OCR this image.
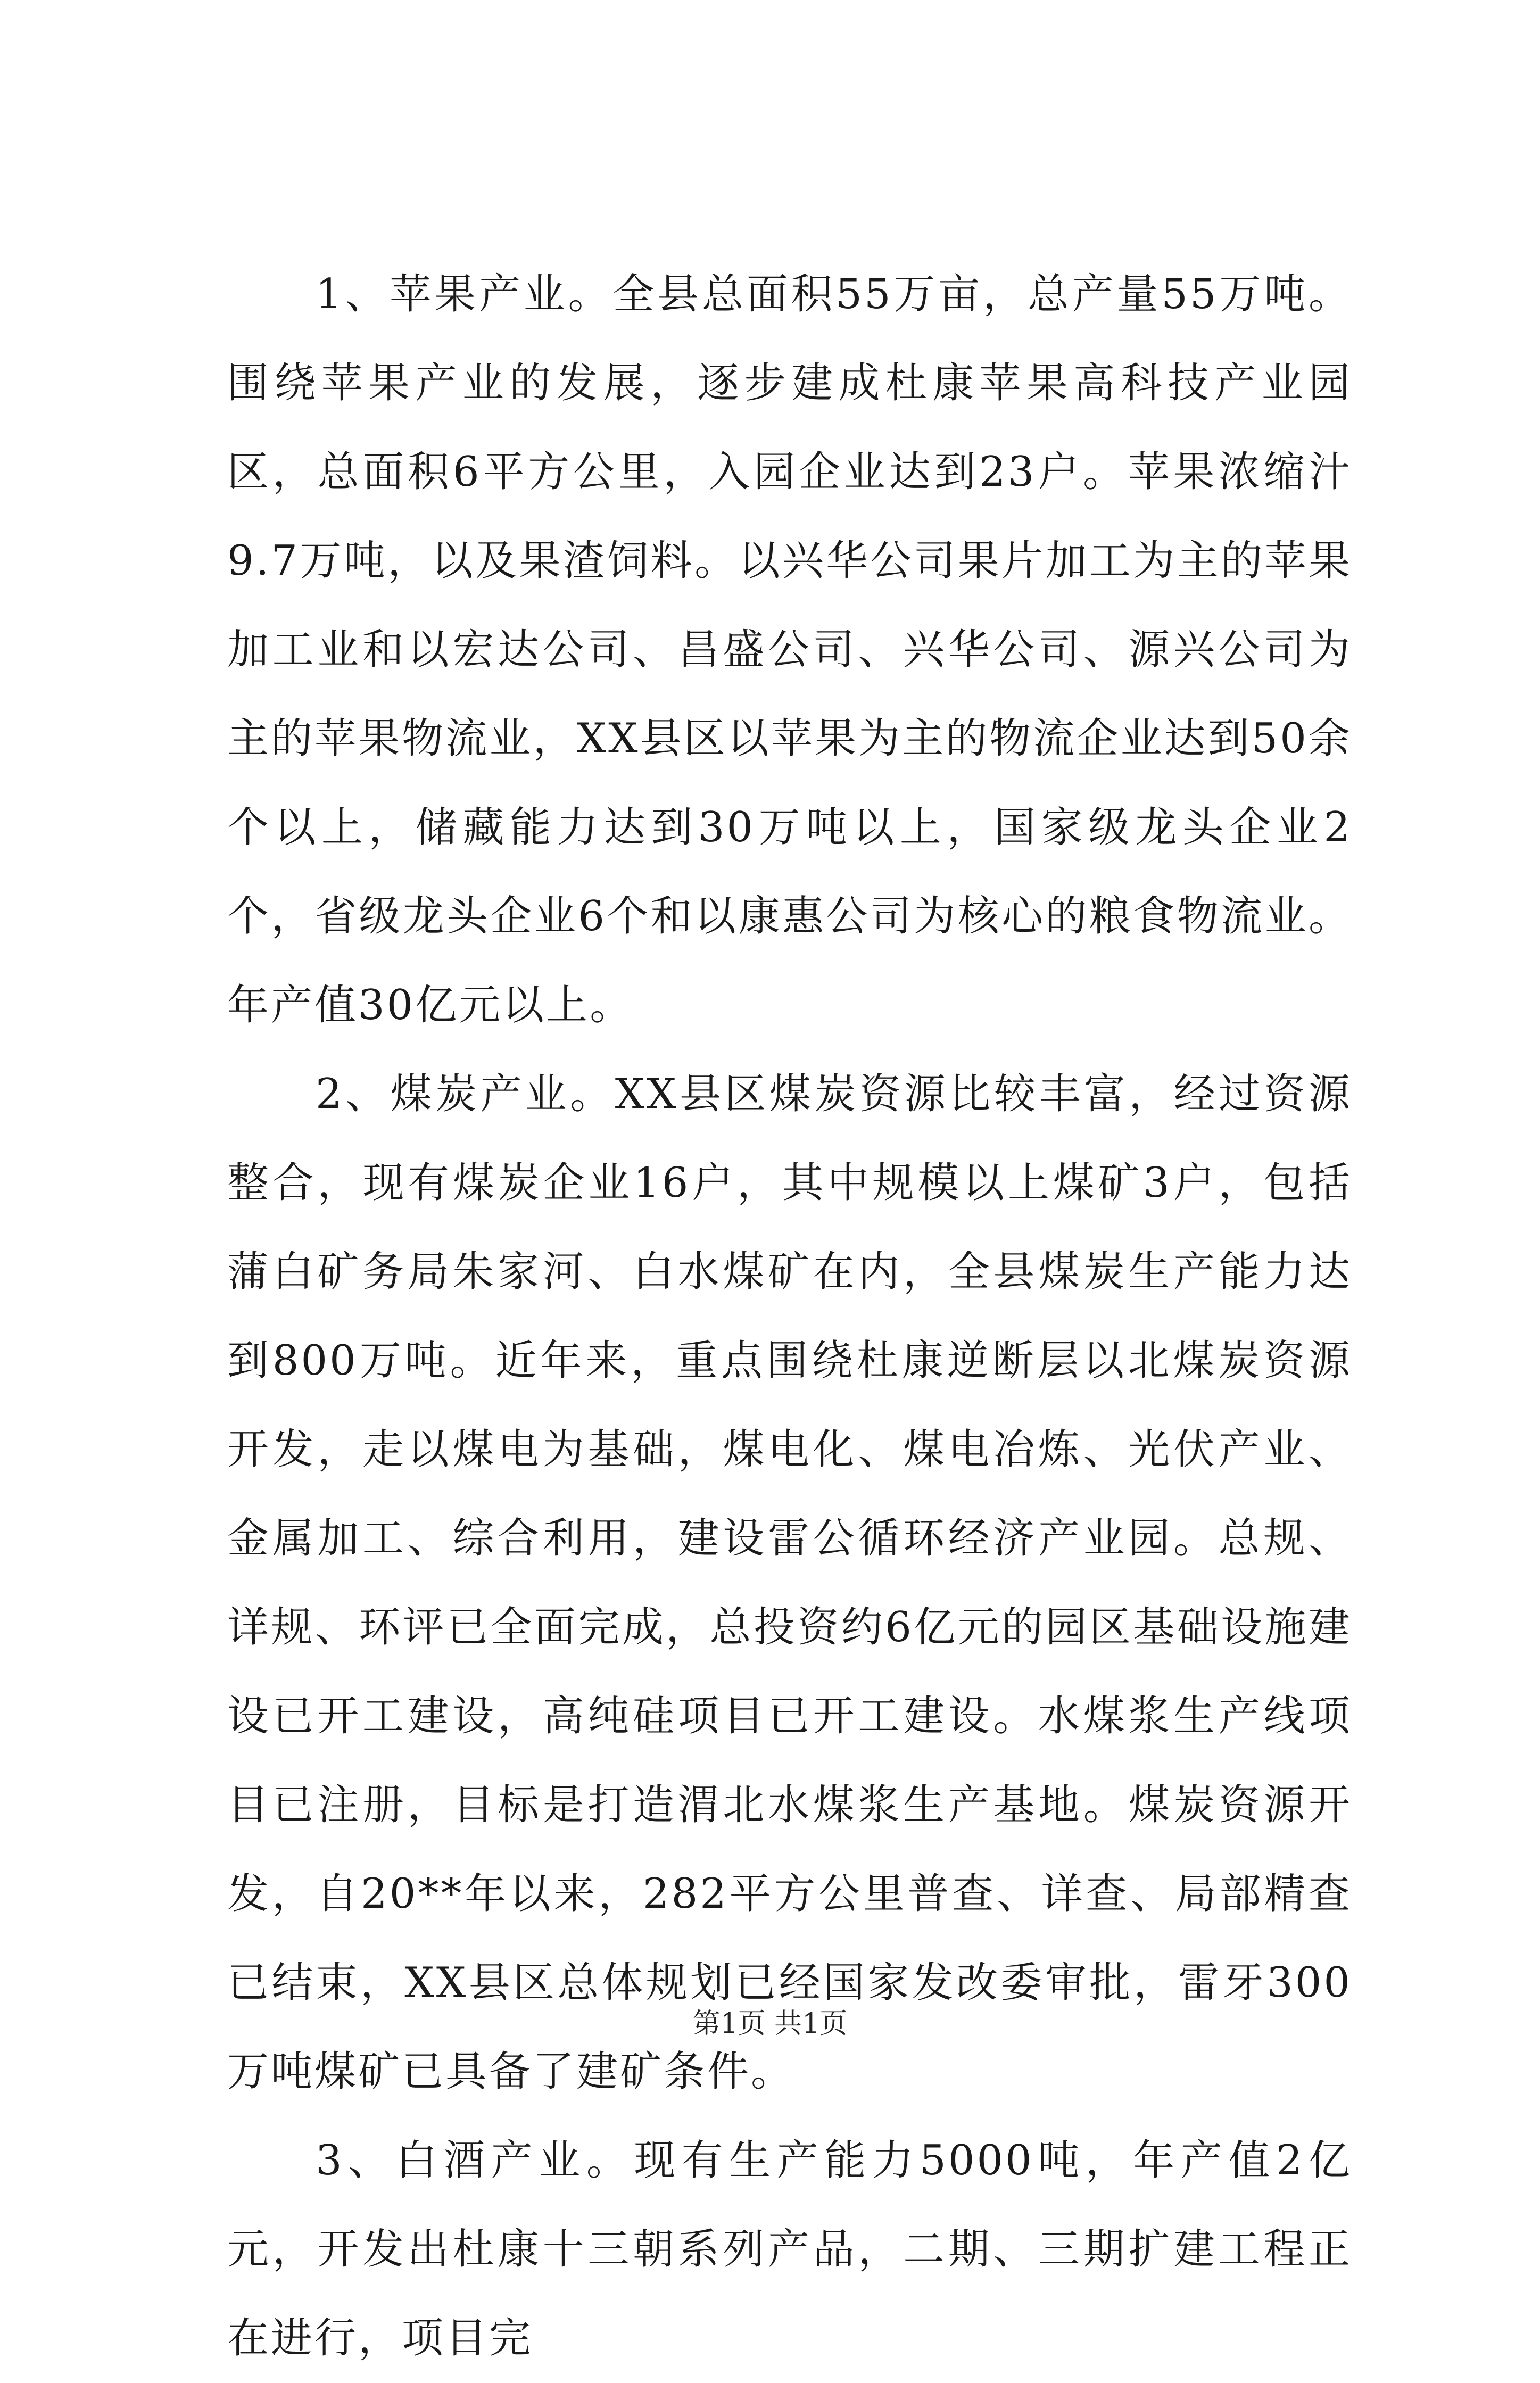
1、苹果产业。全县总面积55万亩，总产量55万吨。围绕苹果产业的发展，逐步建成杜康苹果高科技产业园区，总面积6平方公里，入园企业达到23户。苹果浓缩汁9.7万吨，以及果渣饲料。以兴华公司果片加工为主的苹果加工业和以宏达公司、昌盛公司、兴华公司、源兴公司为主的苹果物流业，XX县区以苹果为主的物流企业达到50余个以上，储藏能力达到30万吨以上，国家级龙头企业2个，省级龙头企业6个和以康惠公司为核心的粮食物流业。年产值30亿元以上。

2、煤炭产业。XX县区煤炭资源比较丰富，经过资源整合，现有煤炭企业16户，其中规模以上煤矿3户，包括蒲白矿务局朱家河、白水煤矿在内，全县煤炭生产能力达到800万吨。近年来，重点围绕杜康逆断层以北煤炭资源开发，走以煤电为基础，煤电化、煤电冶炼、光伏产业、金属加工、综合利用，建设雷公循环经济产业园。总规、详规、环评已全面完成，总投资约6亿元的园区基础设施建设已开工建设，高纯硅项目已开工建设。水煤浆生产线项目已注册，目标是打造渭北水煤浆生产基地。煤炭资源开发，自20**年以来，282平方公里普查、详查、局部精查已结束，XX县区总体规划已经国家发改委审批，雷牙300万吨煤矿已具备了建矿条件。

3、白酒产业。现有生产能力5000吨，年产值2亿元，开发出杜康十三朝系列产品，二期、三期扩建工程正在进行，项目完

第1页 共1页
